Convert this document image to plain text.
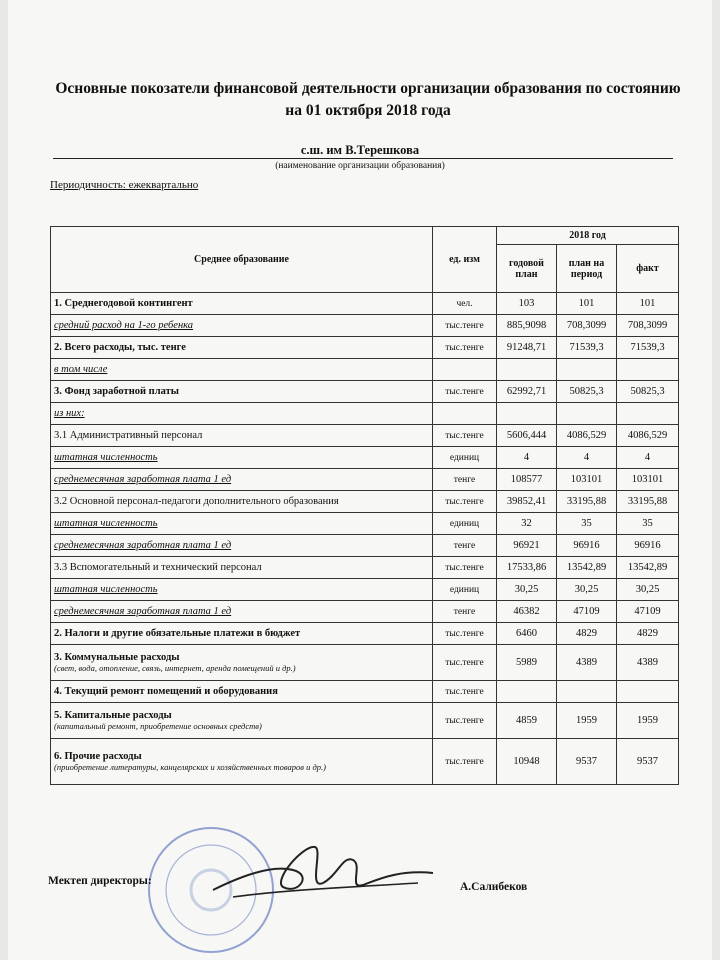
Основные покозатели финансовой деятельности организации образования по состоянию на 01 октября 2018 года
с.ш. им В.Терешкова
(наименование организации образования)
Периодичность: ежеквартально
Среднее образование	ед. изм	2018 год		
		годовой план	план на период	факт
1. Среднегодовой контингент	чел.	103	101	101
средний расход на 1-го ребенка	тыс.тенге	885,9098	708,3099	708,3099
2. Всего расходы, тыс. тенге	тыс.тенге	91248,71	71539,3	71539,3
в том числе				
3. Фонд заработной платы	тыс.тенге	62992,71	50825,3	50825,3
из них:				
3.1 Административный персонал	тыс.тенге	5606,444	4086,529	4086,529
штатная численность	единиц	4	4	4
среднемесячная заработная плата 1 ед	тенге	108577	103101	103101
3.2 Основной персонал-педагоги дополнительного образования	тыс.тенге	39852,41	33195,88	33195,88
штатная численность	единиц	32	35	35
среднемесячная заработная плата 1 ед	тенге	96921	96916	96916
3.3 Вспомогательный и технический персонал	тыс.тенге	17533,86	13542,89	13542,89
штатная численность	единиц	30,25	30,25	30,25
среднемесячная заработная плата 1 ед	тенге	46382	47109	47109
2. Налоги и другие обязательные платежи в бюджет	тыс.тенге	6460	4829	4829
3. Коммунальные расходы
(свет, вода, отопление, связь, интернет, аренда помещений и др.)	тыс.тенге	5989	4389	4389
4. Текущий ремонт помещений и оборудования	тыс.тенге			
5. Капитальные расходы
(капитальный ремонт, приобретение основных средств)	тыс.тенге	4859	1959	1959
6. Прочие расходы
(приобретение литературы, канцелярских и хозяйственных товаров и др.)	тыс.тенге	10948	9537	9537
Мектеп директоры:	А.Салибеков
